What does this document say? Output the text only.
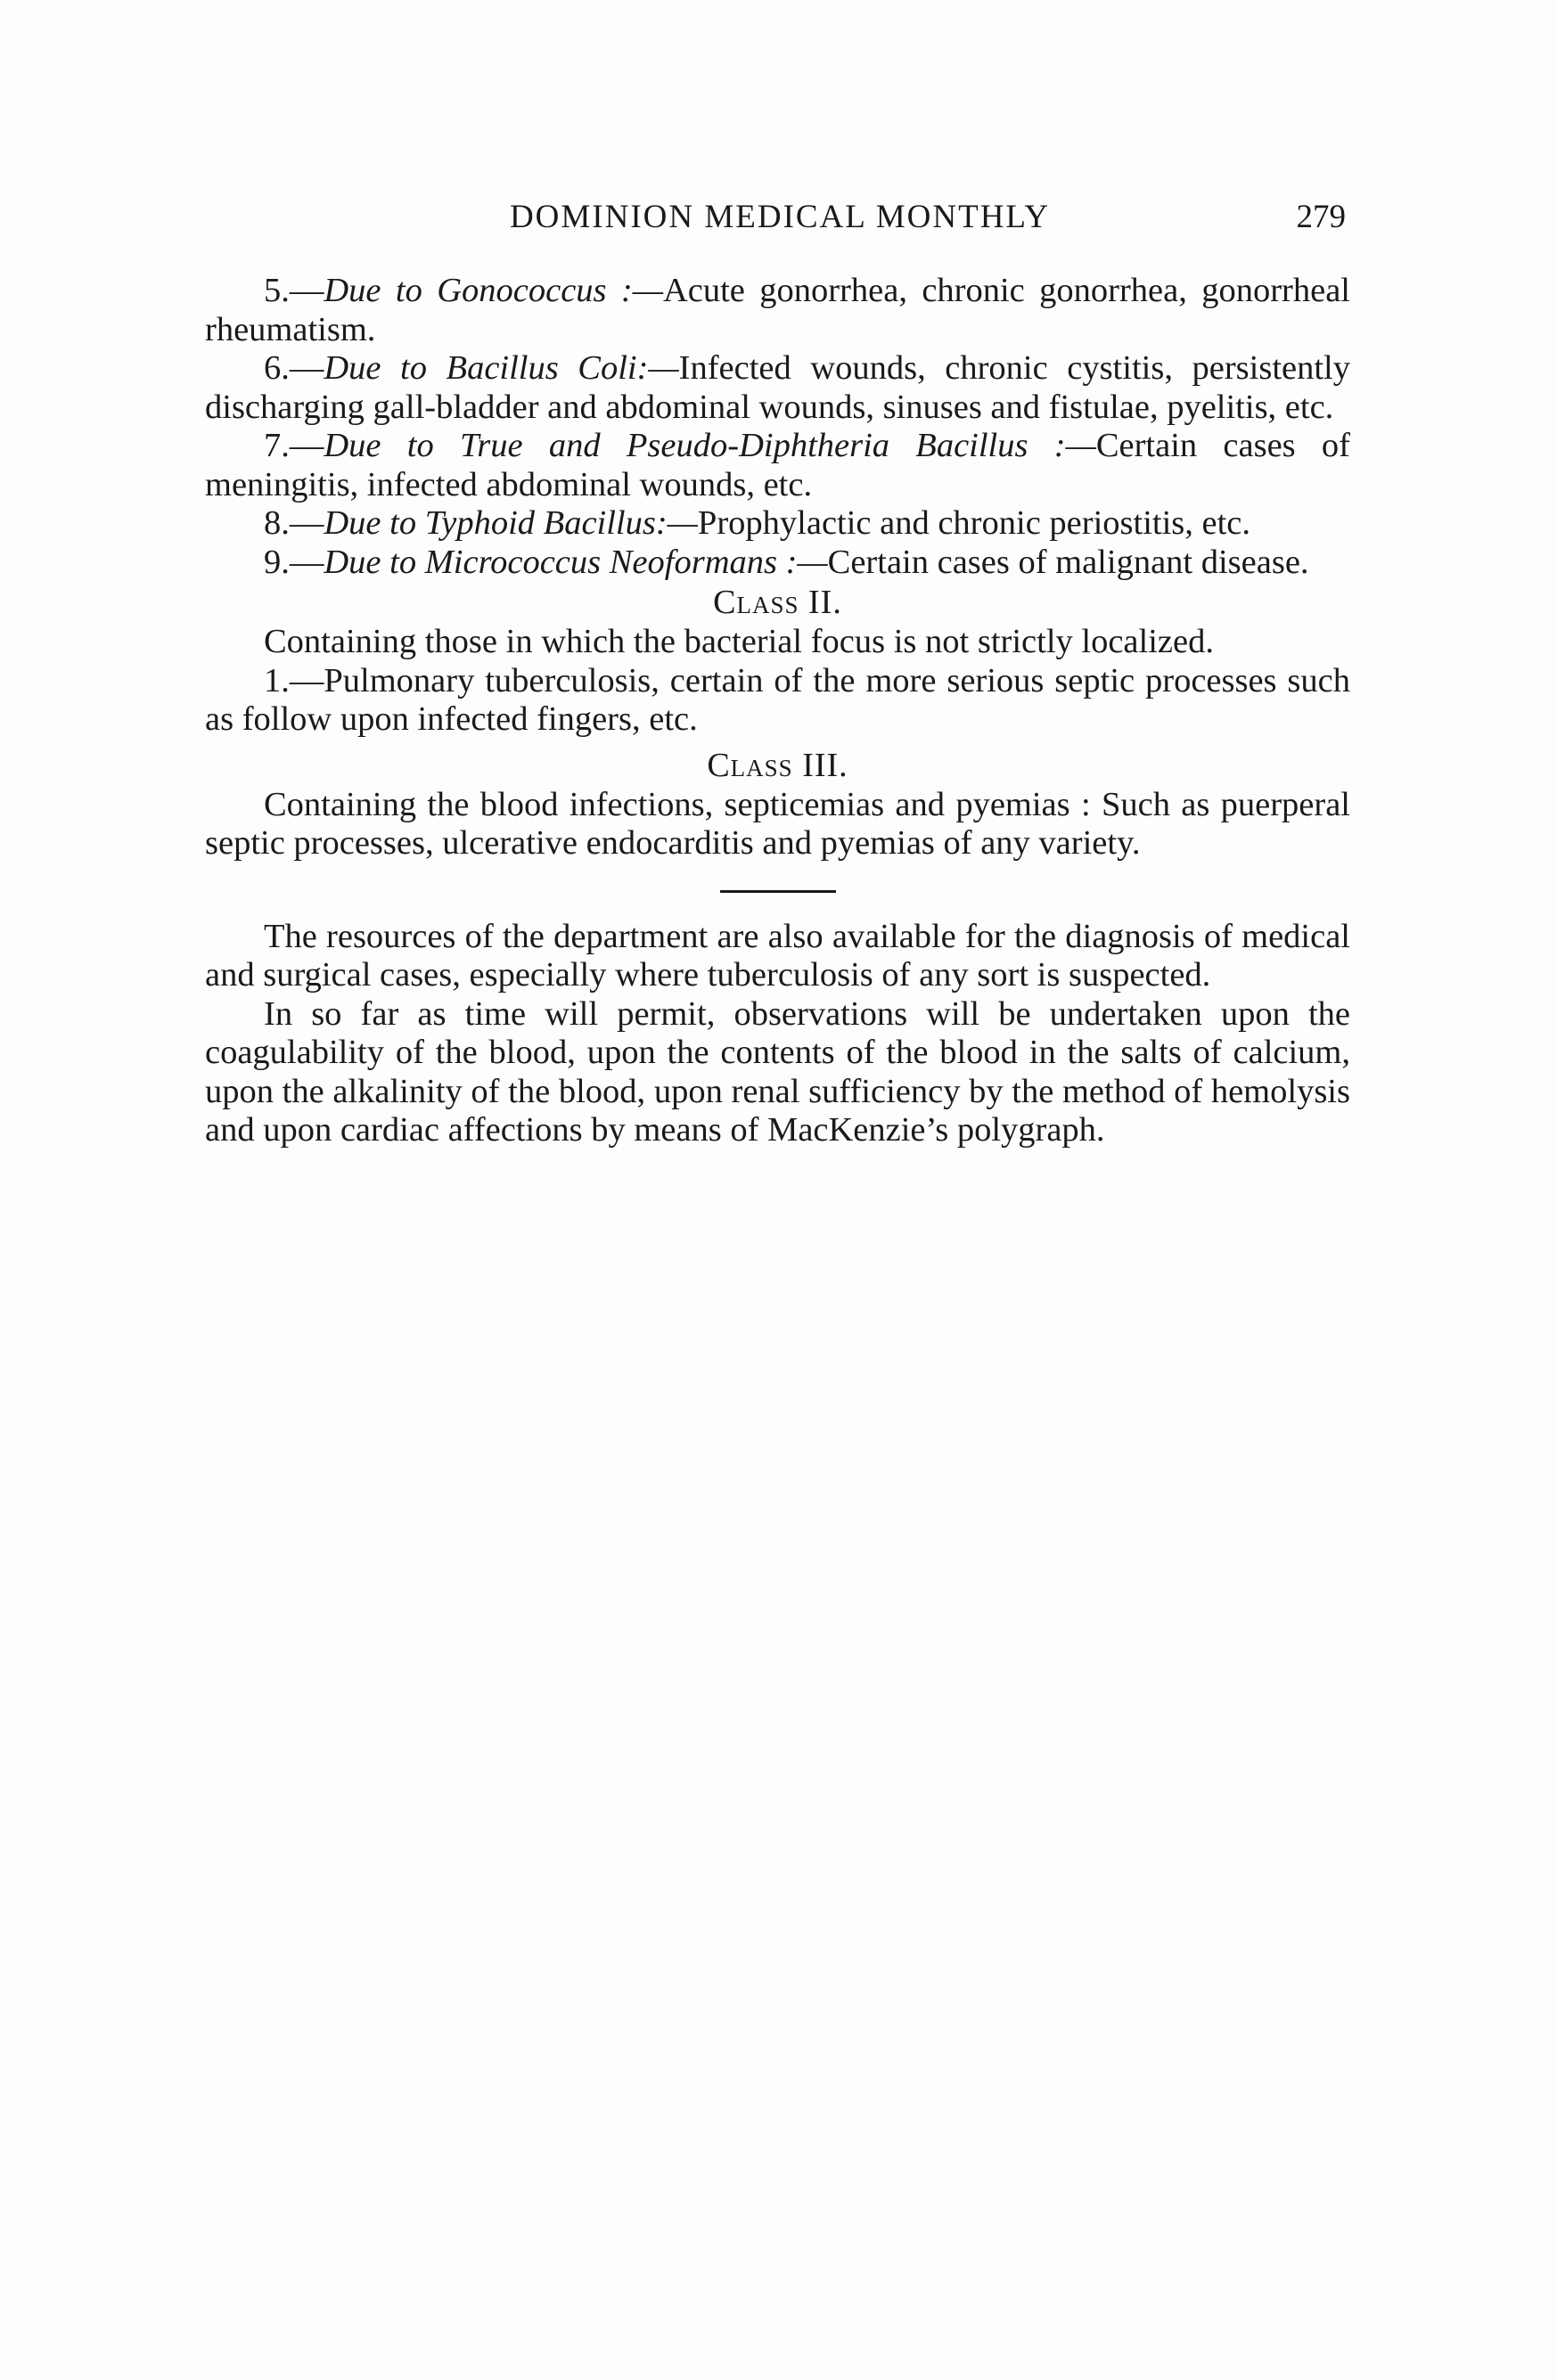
DOMINION MEDICAL MONTHLY	279

5.—Due to Gonococcus :—Acute gonorrhea, chronic gonorrhea, gonorrheal rheumatism.

6.—Due to Bacillus Coli:—Infected wounds, chronic cystitis, persistently discharging gall-bladder and abdominal wounds, sinuses and fistulae, pyelitis, etc.

7.—Due to True and Pseudo-Diphtheria Bacillus :—Certain cases of meningitis, infected abdominal wounds, etc.

8.—Due to Typhoid Bacillus:—Prophylactic and chronic periostitis, etc.

9.—Due to Micrococcus Neoformans :—Certain cases of malignant disease.

Class II.

Containing those in which the bacterial focus is not strictly localized.

1.—Pulmonary tuberculosis, certain of the more serious septic processes such as follow upon infected fingers, etc.

Class III.

Containing the blood infections, septicemias and pyemias : Such as puerperal septic processes, ulcerative endocarditis and pyemias of any variety.

The resources of the department are also available for the diagnosis of medical and surgical cases, especially where tuberculosis of any sort is suspected.

In so far as time will permit, observations will be undertaken upon the coagulability of the blood, upon the contents of the blood in the salts of calcium, upon the alkalinity of the blood, upon renal sufficiency by the method of hemolysis and upon cardiac affections by means of MacKenzie’s polygraph.
